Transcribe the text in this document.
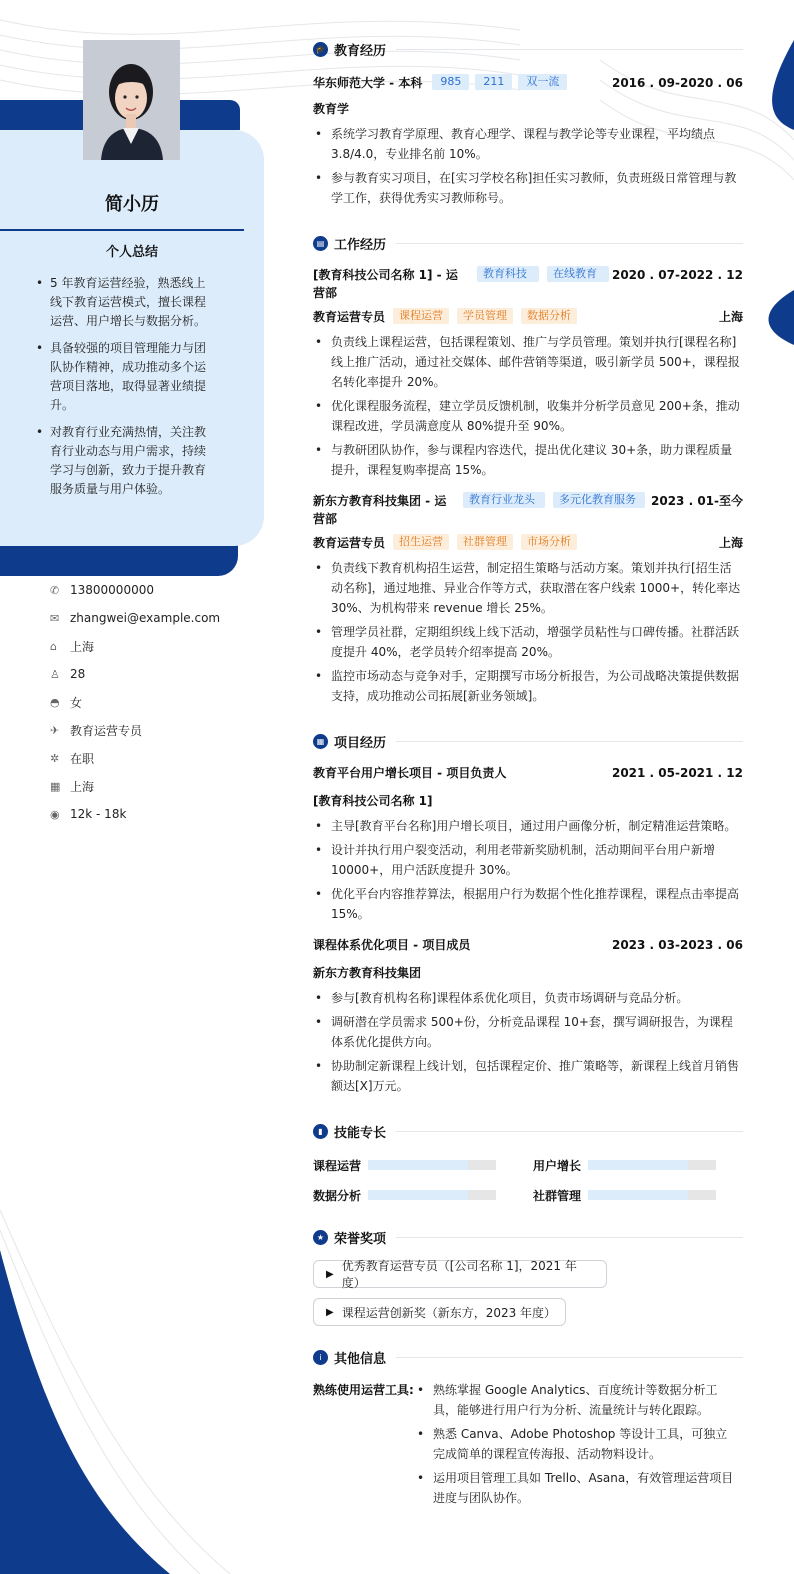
简小历
个人总结
• 5 年教育运营经验，熟悉线上线下教育运营模式，擅长课程运营、用户增长与数据分析。
• 具备较强的项目管理能力与团队协作精神，成功推动多个运营项目落地，取得显著业绩提升。
• 对教育行业充满热情，关注教育行业动态与用户需求，持续学习与创新，致力于提升教育服务质量与用户体验。
✆ 13800000000
✉ zhangwei@example.com
⌂	上海
♙ 28
◓ 女
✈ 教育运营专员
✲ 在职
▦ 上海
◉ 12k - 18k
🎓 教育经历
华东师范大学 - 本科	985	211	双一流	2016 . 09-2020 . 06
教育学
• 系统学习教育学原理、教育心理学、课程与教学论等专业课程，平均绩点3.8/4.0，专业排名前 10%。
• 参与教育实习项目，在[实习学校名称]担任实习教师，负责班级日常管理与教学工作，获得优秀实习教师称号。
▤ 工作经历
[教育科技公司名称 1] - 运营部
教育科技	在线教育	2020 . 07-2022 . 12
教育运营专员	课程运营	学员管理	数据分析	上海
• 负责线上课程运营，包括课程策划、推广与学员管理。策划并执行[课程名称]线上推广活动，通过社交媒体、邮件营销等渠道，吸引新学员 500+，课程报名转化率提升 20%。
• 优化课程服务流程，建立学员反馈机制，收集并分析学员意见 200+条，推动课程改进，学员满意度从 80%提升至 90%。
• 与教研团队协作，参与课程内容迭代，提出优化建议 30+条，助力课程质量提升，课程复购率提高 15%。
新东方教育科技集团 - 运营部
教育行业龙头	多元化教育服务	2023 . 01-至今
教育运营专员	招生运营	社群管理	市场分析	上海
• 负责线下教育机构招生运营，制定招生策略与活动方案。策划并执行[招生活动名称]，通过地推、异业合作等方式，获取潜在客户线索 1000+，转化率达 30%、为机构带来 revenue 增长 25%。
• 管理学员社群，定期组织线上线下活动，增强学员粘性与口碑传播。社群活跃度提升 40%，老学员转介绍率提高 20%。
• 监控市场动态与竞争对手，定期撰写市场分析报告，为公司战略决策提供数据支持，成功推动公司拓展[新业务领域]。
▦ 项目经历
教育平台用户增长项目 - 项目负责人	2021 . 05-2021 . 12
[教育科技公司名称 1]
• 主导[教育平台名称]用户增长项目，通过用户画像分析，制定精准运营策略。
• 设计并执行用户裂变活动，利用老带新奖励机制，活动期间平台用户新增10000+，用户活跃度提升 30%。
• 优化平台内容推荐算法，根据用户行为数据个性化推荐课程，课程点击率提高 15%。
课程体系优化项目 - 项目成员	2023 . 03-2023 . 06
新东方教育科技集团
• 参与[教育机构名称]课程体系优化项目，负责市场调研与竞品分析。
• 调研潜在学员需求 500+份，分析竞品课程 10+套，撰写调研报告，为课程体系优化提供方向。
• 协助制定新课程上线计划，包括课程定价、推广策略等，新课程上线首月销售额达[X]万元。
▮ 技能专长
课程运营	用户增长
数据分析	社群管理
★ 荣誉奖项
▶
优秀教育运营专员（[公司名称 1]，2021 年度）
▶ 课程运营创新奖（新东方，2023 年度）
i 其他信息
熟练使用运营工具:
•	熟练掌握 Google Analytics、百度统计等数据分析工具，能够进行用户行为分析、流量统计与转化跟踪。
• 熟悉 Canva、Adobe Photoshop 等设计工具，可独立完成简单的课程宣传海报、活动物料设计。
• 运用项目管理工具如 Trello、Asana，有效管理运营项目进度与团队协作。
